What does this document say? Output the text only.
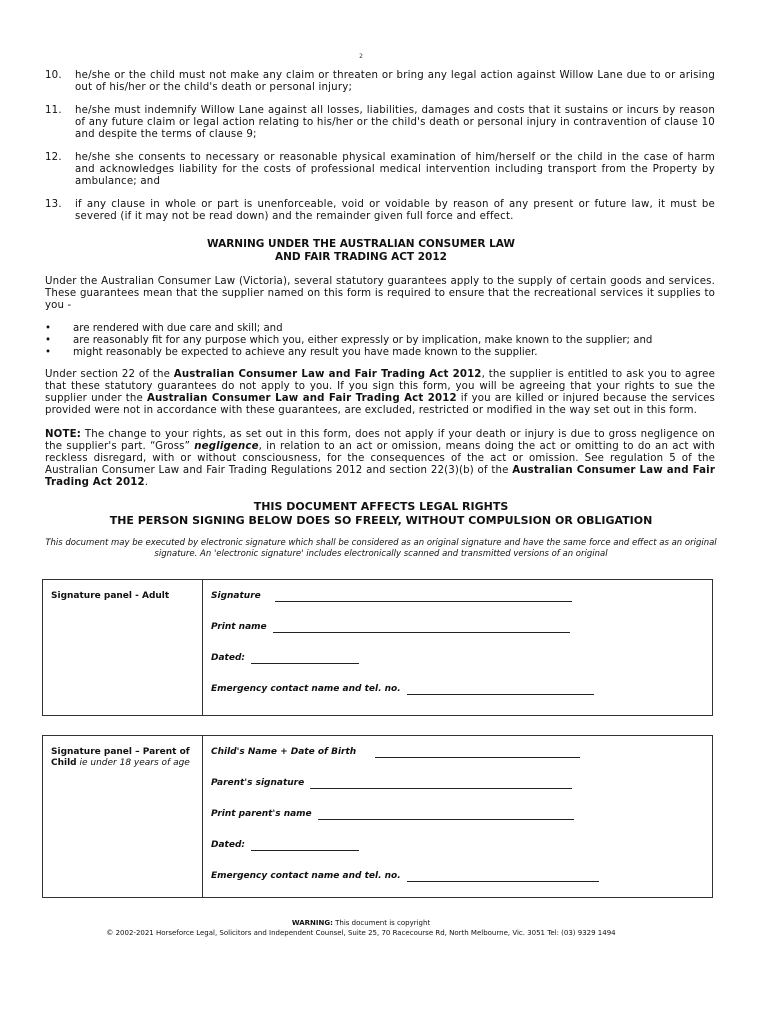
2
10.	he/she or the child must not make any claim or threaten or bring any legal action against Willow Lane due to or arising out of his/her or the child's death or personal injury;
11.	he/she must indemnify Willow Lane against all losses, liabilities, damages and costs that it sustains or incurs by reason of any future claim or legal action relating to his/her or the child's death or personal injury in contravention of clause 10 and despite the terms of clause 9;
12.	he/she she consents to necessary or reasonable physical examination of him/herself or the child in the case of harm and acknowledges liability for the costs of professional medical intervention including transport from the Property by ambulance; and
13.	if any clause in whole or part is unenforceable, void or voidable by reason of any present or future law, it must be severed (if it may not be read down) and the remainder given full force and effect.
WARNING UNDER THE AUSTRALIAN CONSUMER LAW
AND FAIR TRADING ACT 2012
Under the Australian Consumer Law (Victoria), several statutory guarantees apply to the supply of certain goods and services. These guarantees mean that the supplier named on this form is required to ensure that the recreational services it supplies to you -
•	are rendered with due care and skill; and
•	are reasonably fit for any purpose which you, either expressly or by implication, make known to the supplier; and
•	might reasonably be expected to achieve any result you have made known to the supplier.
Under section 22 of the Australian Consumer Law and Fair Trading Act 2012, the supplier is entitled to ask you to agree that these statutory guarantees do not apply to you. If you sign this form, you will be agreeing that your rights to sue the supplier under the Australian Consumer Law and Fair Trading Act 2012 if you are killed or injured because the services provided were not in accordance with these guarantees, are excluded, restricted or modified in the way set out in this form.
NOTE: The change to your rights, as set out in this form, does not apply if your death or injury is due to gross negligence on the supplier's part. “Gross” negligence, in relation to an act or omission, means doing the act or omitting to do an act with reckless disregard, with or without consciousness, for the consequences of the act or omission. See regulation 5 of the Australian Consumer Law and Fair Trading Regulations 2012 and section 22(3)(b) of the Australian Consumer Law and Fair Trading Act 2012.
THIS DOCUMENT AFFECTS LEGAL RIGHTS
THE PERSON SIGNING BELOW DOES SO FREELY, WITHOUT COMPULSION OR OBLIGATION
This document may be executed by electronic signature which shall be considered as an original signature and have the same force and effect as an original signature. An 'electronic signature' includes electronically scanned and transmitted versions of an original
Signature panel - Adult	Signature
Print name
Dated:
Emergency contact name and tel. no.
Signature panel – Parent of Child ie under 18 years of age
Child's Name + Date of Birth
Parent's signature
Print parent's name
Dated:
Emergency contact name and tel. no.
WARNING: This document is copyright
© 2002-2021 Horseforce Legal, Solicitors and Independent Counsel, Suite 25, 70 Racecourse Rd, North Melbourne, Vic. 3051 Tel: (03) 9329 1494
